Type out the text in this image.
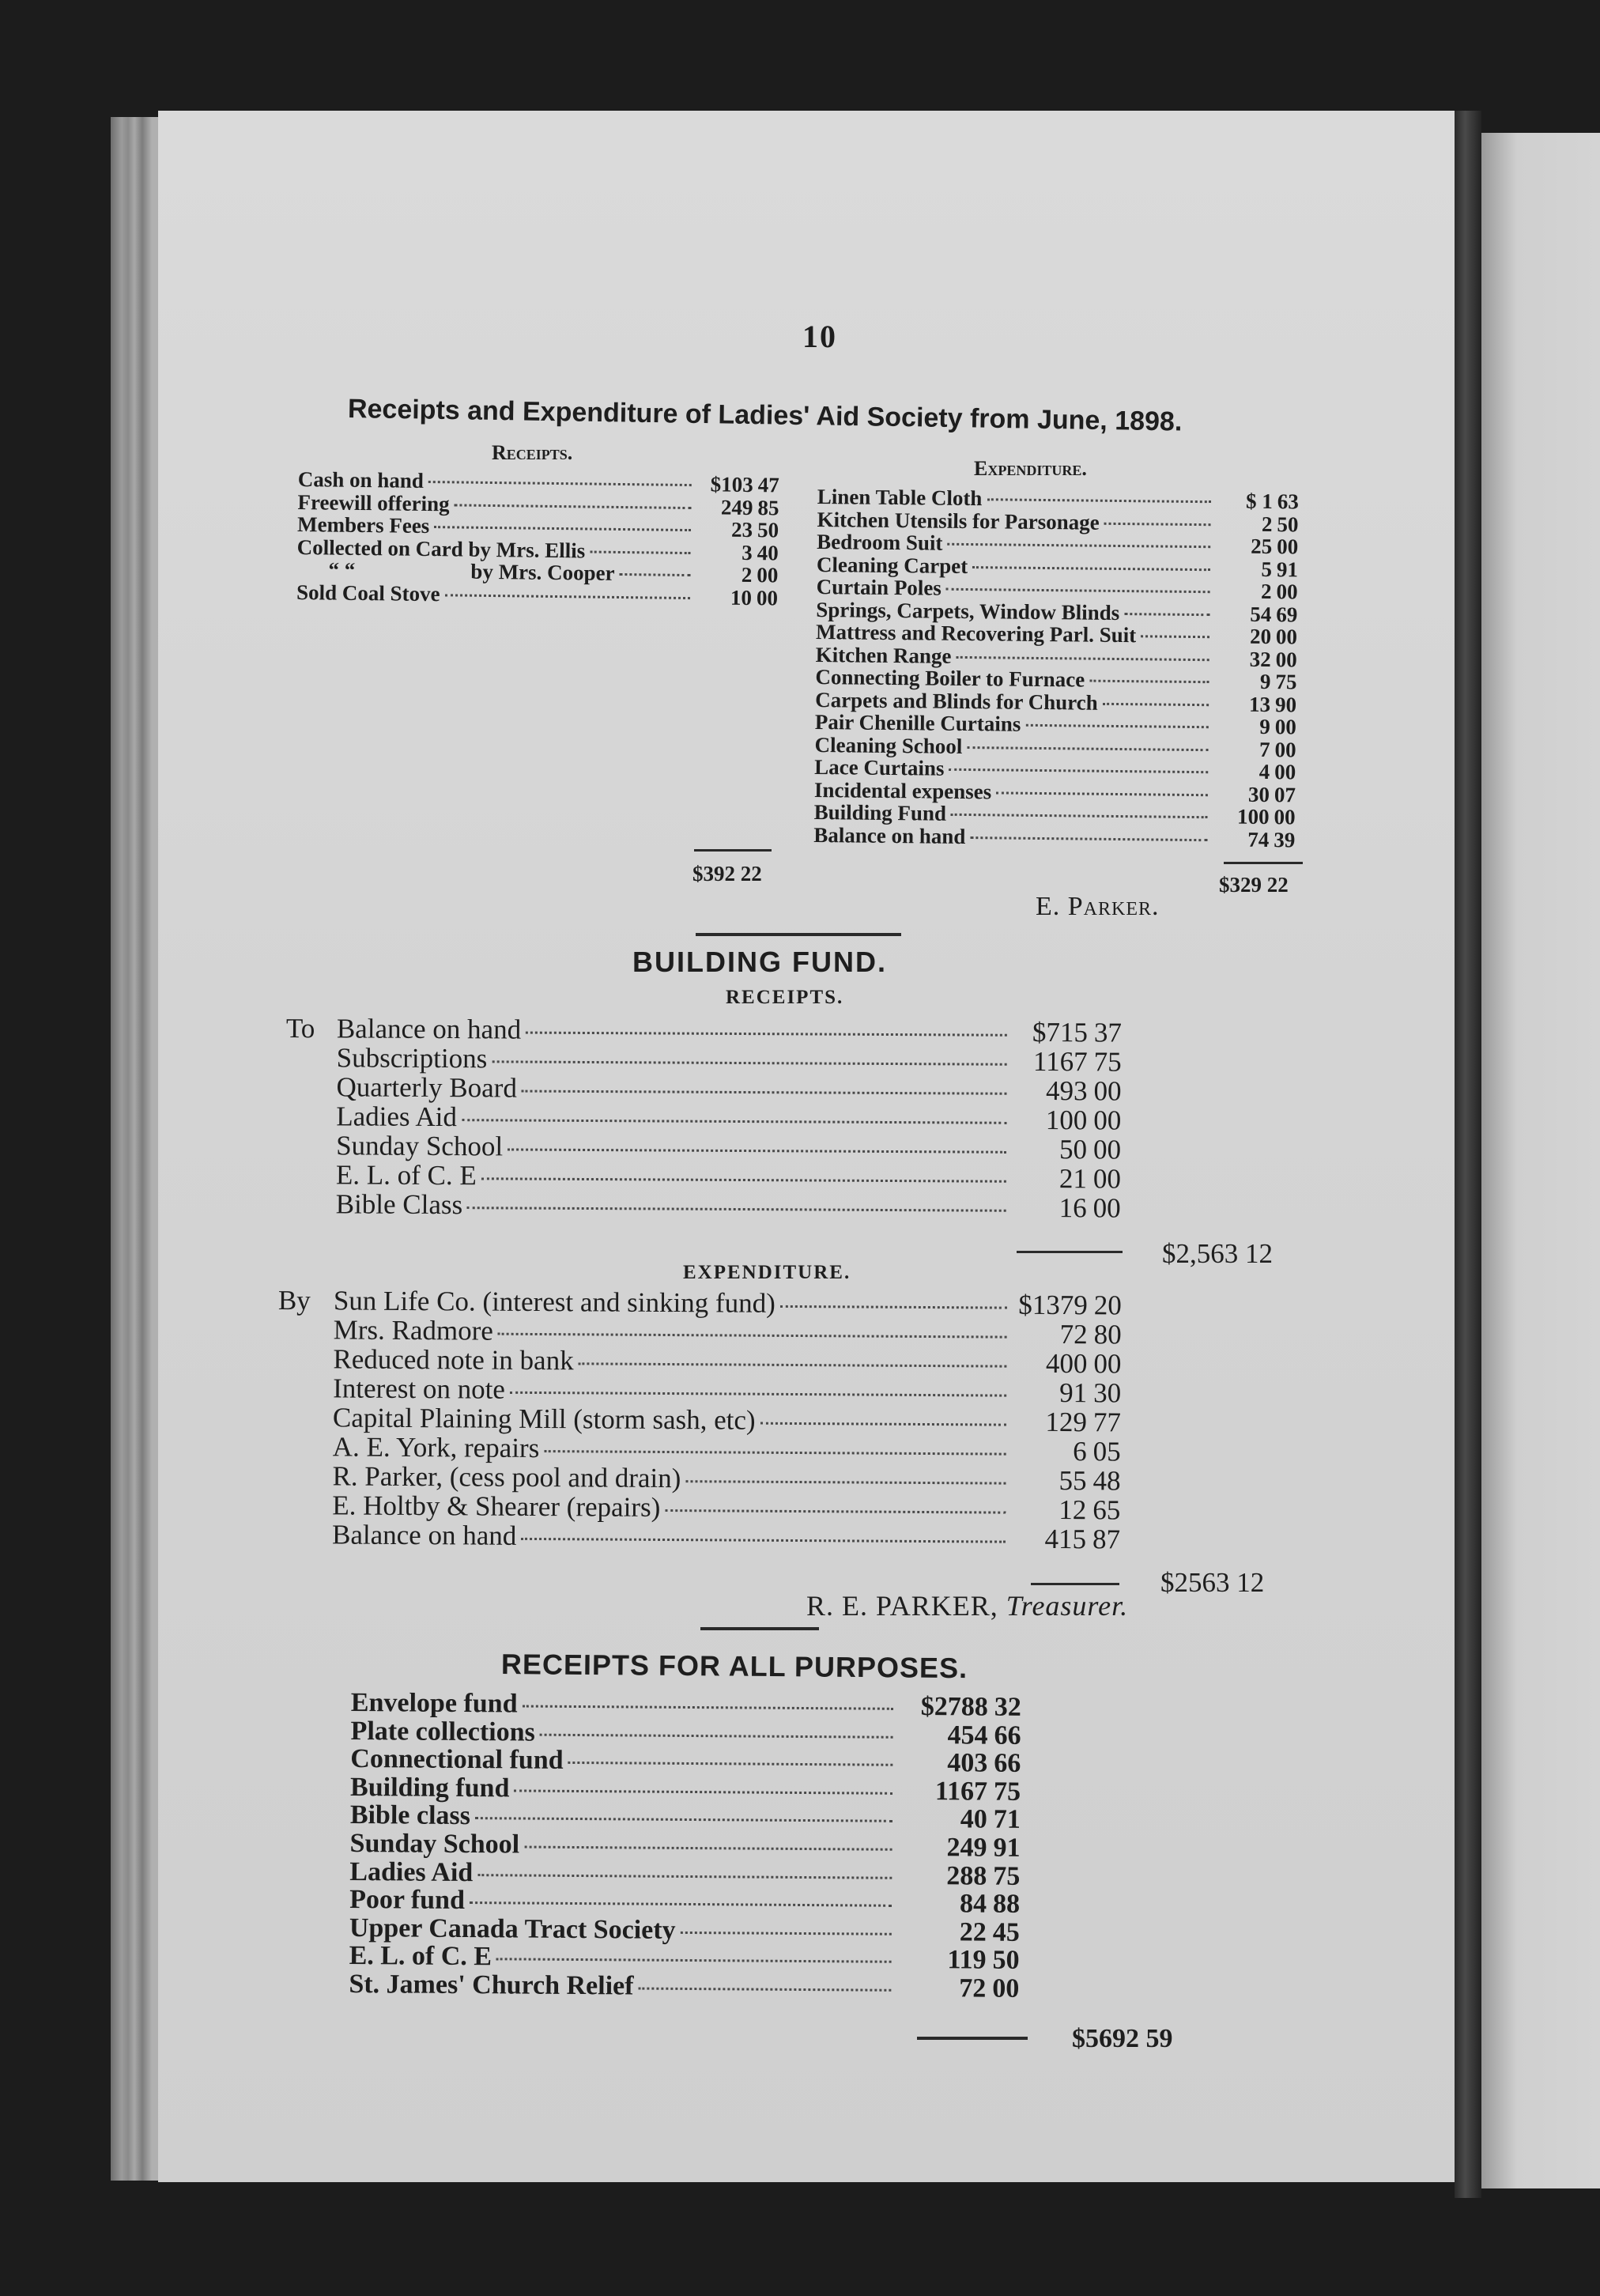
10
Receipts and Expenditure of Ladies' Aid Society from June, 1898.
Receipts.
Expenditure.
Cash on hand	$103 47
Freewill offering	249 85
Members Fees	23 50
Collected on Card by Mrs. Ellis	3 40
“ “	by Mrs. Cooper	2 00
Sold Coal Stove	10 00
Linen Table Cloth	$ 1 63
Kitchen Utensils for Parsonage	2 50
Bedroom Suit	25 00
Cleaning Carpet	5 91
Curtain Poles	2 00
Springs, Carpets, Window Blinds	54 69
Mattress and Recovering Parl. Suit	20 00
Kitchen Range	32 00
Connecting Boiler to Furnace	9 75
Carpets and Blinds for Church	13 90
Pair Chenille Curtains	9 00
Cleaning School	7 00
Lace Curtains	4 00
Incidental expenses	30 07
Building Fund	100 00
Balance on hand	74 39
$392 22	$329 22
E. Parker.
BUILDING FUND.
RECEIPTS.
To Balance on hand	$715 37
Subscriptions	1167 75
Quarterly Board	493 00
Ladies Aid	100 00
Sunday School	50 00
E. L. of C. E	21 00
Bible Class	16 00
$2,563 12
EXPENDITURE.
By Sun Life Co. (interest and sinking fund)	$1379 20
Mrs. Radmore	72 80
Reduced note in bank	400 00
Interest on note	91 30
Capital Plaining Mill (storm sash, etc)	129 77
A. E. York, repairs	6 05
R. Parker, (cess pool and drain)	55 48
E. Holtby & Shearer (repairs)	12 65
Balance on hand	415 87
$2563 12
R. E. PARKER, Treasurer.
RECEIPTS FOR ALL PURPOSES.
Envelope fund	$2788 32
Plate collections	454 66
Connectional fund	403 66
Building fund	1167 75
Bible class	40 71
Sunday School	249 91
Ladies Aid	288 75
Poor fund	84 88
Upper Canada Tract Society	22 45
E. L. of C. E	119 50
St. James' Church Relief	72 00
$5692 59
